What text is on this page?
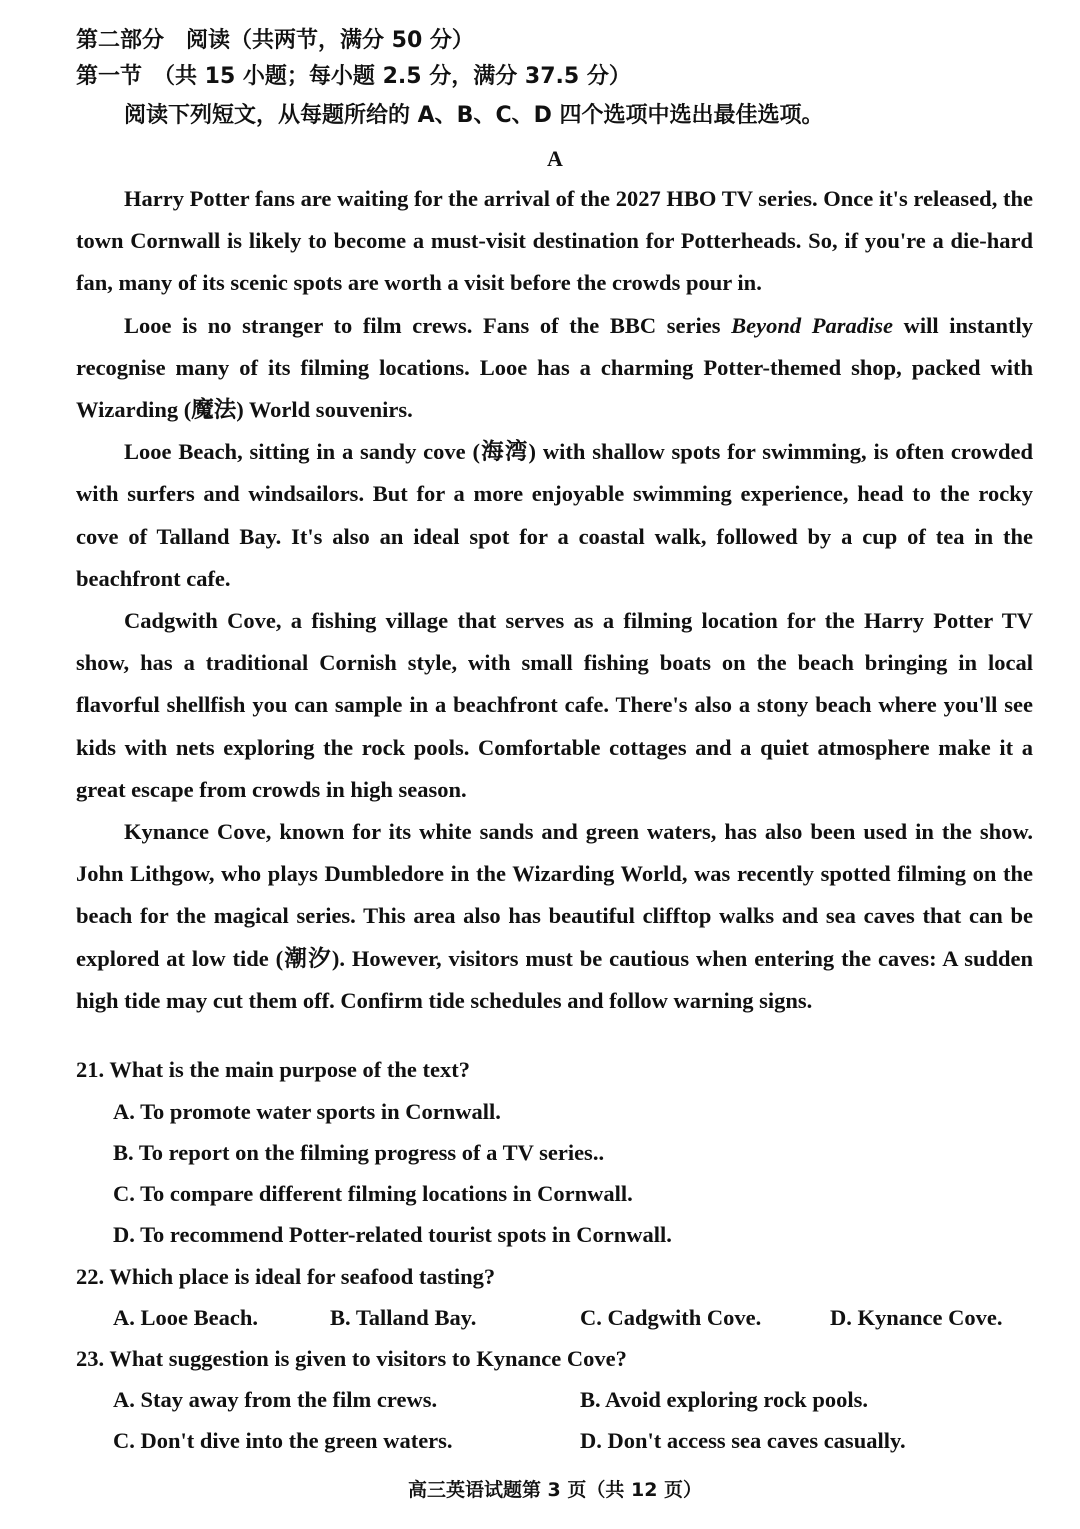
第二部分　阅读（共两节，满分 50 分）
第一节　（共 15 小题；每小题 2.5 分，满分 37.5 分）
阅读下列短文，从每题所给的 A、B、C、D 四个选项中选出最佳选项。
A

Harry Potter fans are waiting for the arrival of the 2027 HBO TV series. Once it's released, the town Cornwall is likely to become a must-visit destination for Potterheads. So, if you're a die-hard fan, many of its scenic spots are worth a visit before the crowds pour in.

Looe is no stranger to film crews. Fans of the BBC series Beyond Paradise will instantly recognise many of its filming locations. Looe has a charming Potter-themed shop, packed with Wizarding (魔法) World souvenirs.

Looe Beach, sitting in a sandy cove (海湾) with shallow spots for swimming, is often crowded with surfers and windsailors. But for a more enjoyable swimming experience, head to the rocky cove of Talland Bay. It's also an ideal spot for a coastal walk, followed by a cup of tea in the beachfront cafe.

Cadgwith Cove, a fishing village that serves as a filming location for the Harry Potter TV show, has a traditional Cornish style, with small fishing boats on the beach bringing in local flavorful shellfish you can sample in a beachfront cafe. There's also a stony beach where you'll see kids with nets exploring the rock pools. Comfortable cottages and a quiet atmosphere make it a great escape from crowds in high season.

Kynance Cove, known for its white sands and green waters, has also been used in the show. John Lithgow, who plays Dumbledore in the Wizarding World, was recently spotted filming on the beach for the magical series. This area also has beautiful clifftop walks and sea caves that can be explored at low tide (潮汐). However, visitors must be cautious when entering the caves: A sudden high tide may cut them off. Confirm tide schedules and follow warning signs.

21. What is the main purpose of the text?
A. To promote water sports in Cornwall.
B. To report on the filming progress of a TV series..
C. To compare different filming locations in Cornwall.
D. To recommend Potter-related tourist spots in Cornwall.
22. Which place is ideal for seafood tasting?
A. Looe Beach.	B. Talland Bay.	C. Cadgwith Cove.	D. Kynance Cove.
23. What suggestion is given to visitors to Kynance Cove?
A. Stay away from the film crews.	B. Avoid exploring rock pools.
C. Don't dive into the green waters.	D. Don't access sea caves casually.
高三英语试题第 3 页（共 12 页）
